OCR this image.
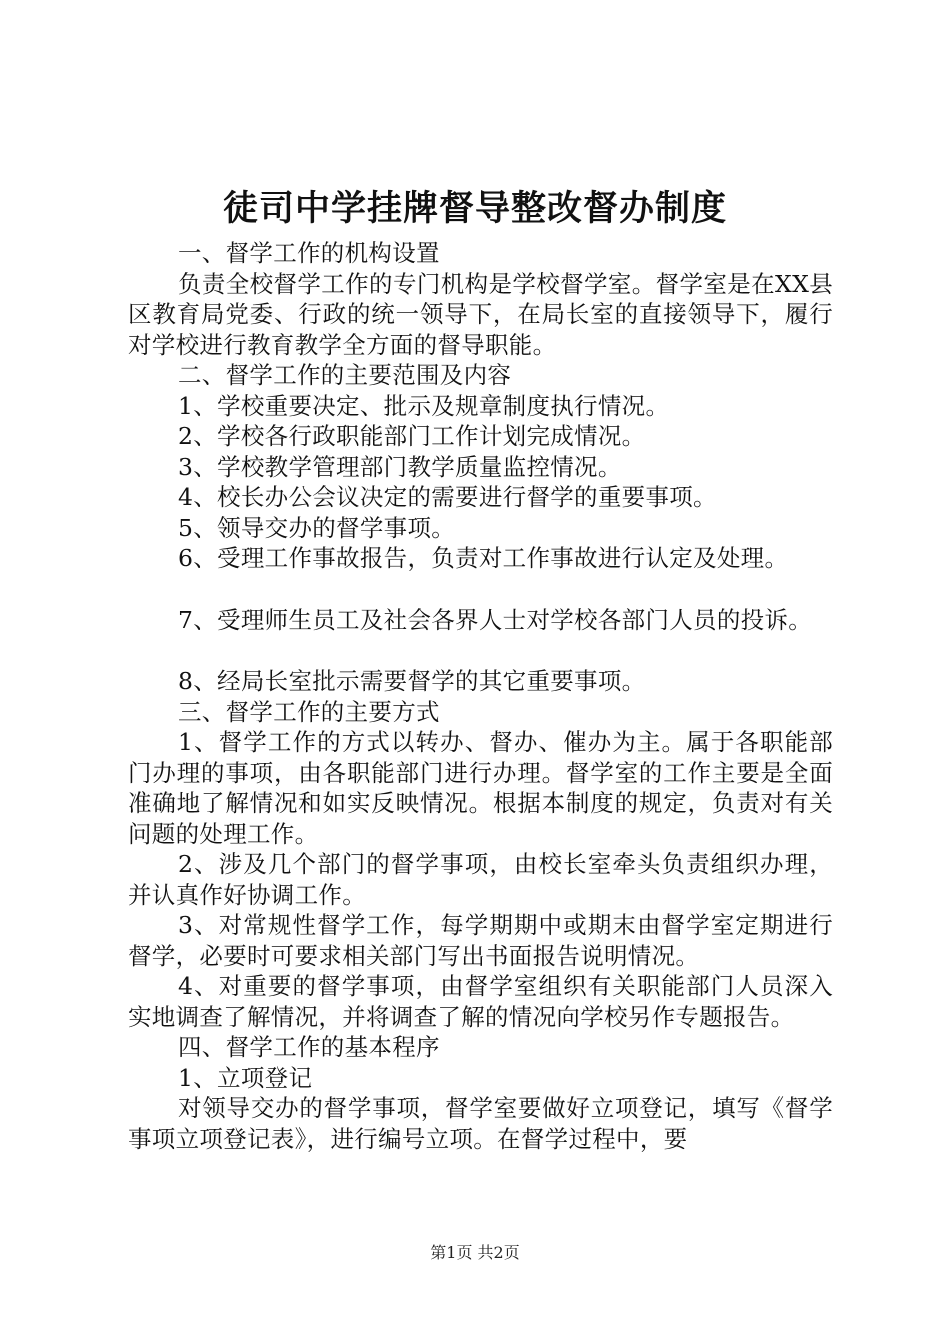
徒司中学挂牌督导整改督办制度

一、督学工作的机构设置

负责全校督学工作的专门机构是学校督学室。督学室是在XX县区教育局党委、行政的统一领导下，在局长室的直接领导下，履行对学校进行教育教学全方面的督导职能。

二、督学工作的主要范围及内容

1、学校重要决定、批示及规章制度执行情况。

2、学校各行政职能部门工作计划完成情况。

3、学校教学管理部门教学质量监控情况。

4、校长办公会议决定的需要进行督学的重要事项。

5、领导交办的督学事项。

6、受理工作事故报告，负责对工作事故进行认定及处理。

7、受理师生员工及社会各界人士对学校各部门人员的投诉。

8、经局长室批示需要督学的其它重要事项。

三、督学工作的主要方式

1、督学工作的方式以转办、督办、催办为主。属于各职能部门办理的事项，由各职能部门进行办理。督学室的工作主要是全面准确地了解情况和如实反映情况。根据本制度的规定，负责对有关问题的处理工作。

2、涉及几个部门的督学事项，由校长室牵头负责组织办理，并认真作好协调工作。

3、对常规性督学工作，每学期期中或期末由督学室定期进行督学，必要时可要求相关部门写出书面报告说明情况。

4、对重要的督学事项，由督学室组织有关职能部门人员深入实地调查了解情况，并将调查了解的情况向学校另作专题报告。

四、督学工作的基本程序

1、立项登记

对领导交办的督学事项，督学室要做好立项登记，填写《督学事项立项登记表》，进行编号立项。在督学过程中，要

第1页 共2页
